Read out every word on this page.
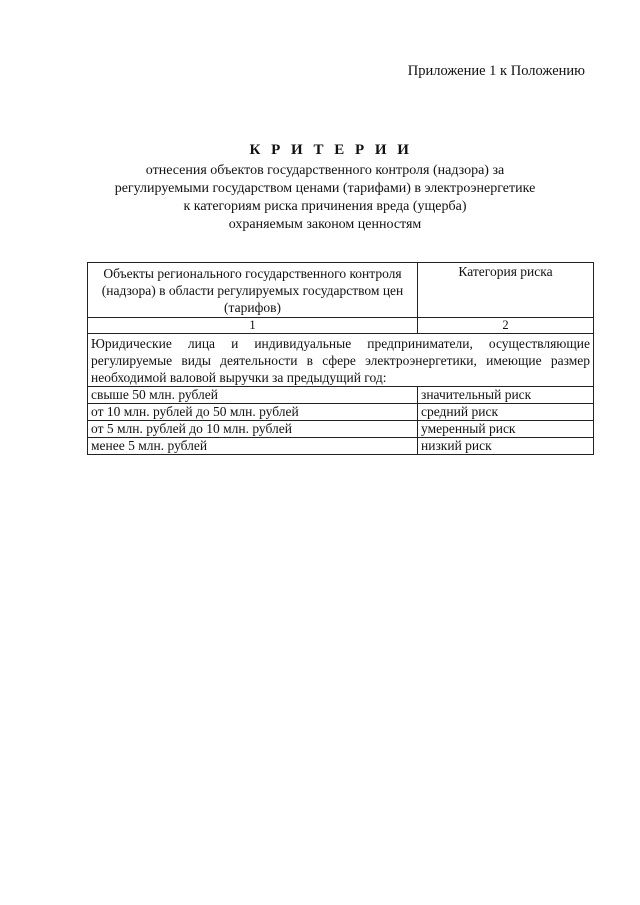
Приложение 1 к Положению
К Р И Т Е Р И И
отнесения объектов государственного контроля (надзора) за
регулируемыми государством ценами (тарифами) в электроэнергетике
к категориям риска причинения вреда (ущерба)
охраняемым законом ценностям
Объекты регионального государственного контроля (надзора) в области регулируемых государством цен (тарифов)	Категория риска
1	2
Юридические лица и индивидуальные предприниматели, осуществляющие регулируемые виды деятельности в сфере электроэнергетики, имеющие размер необходимой валовой выручки за предыдущий год:	
свыше 50 млн. рублей	значительный риск
от 10 млн. рублей до 50 млн. рублей	средний риск
от 5 млн. рублей до 10 млн. рублей	умеренный риск
менее 5 млн. рублей	низкий риск
